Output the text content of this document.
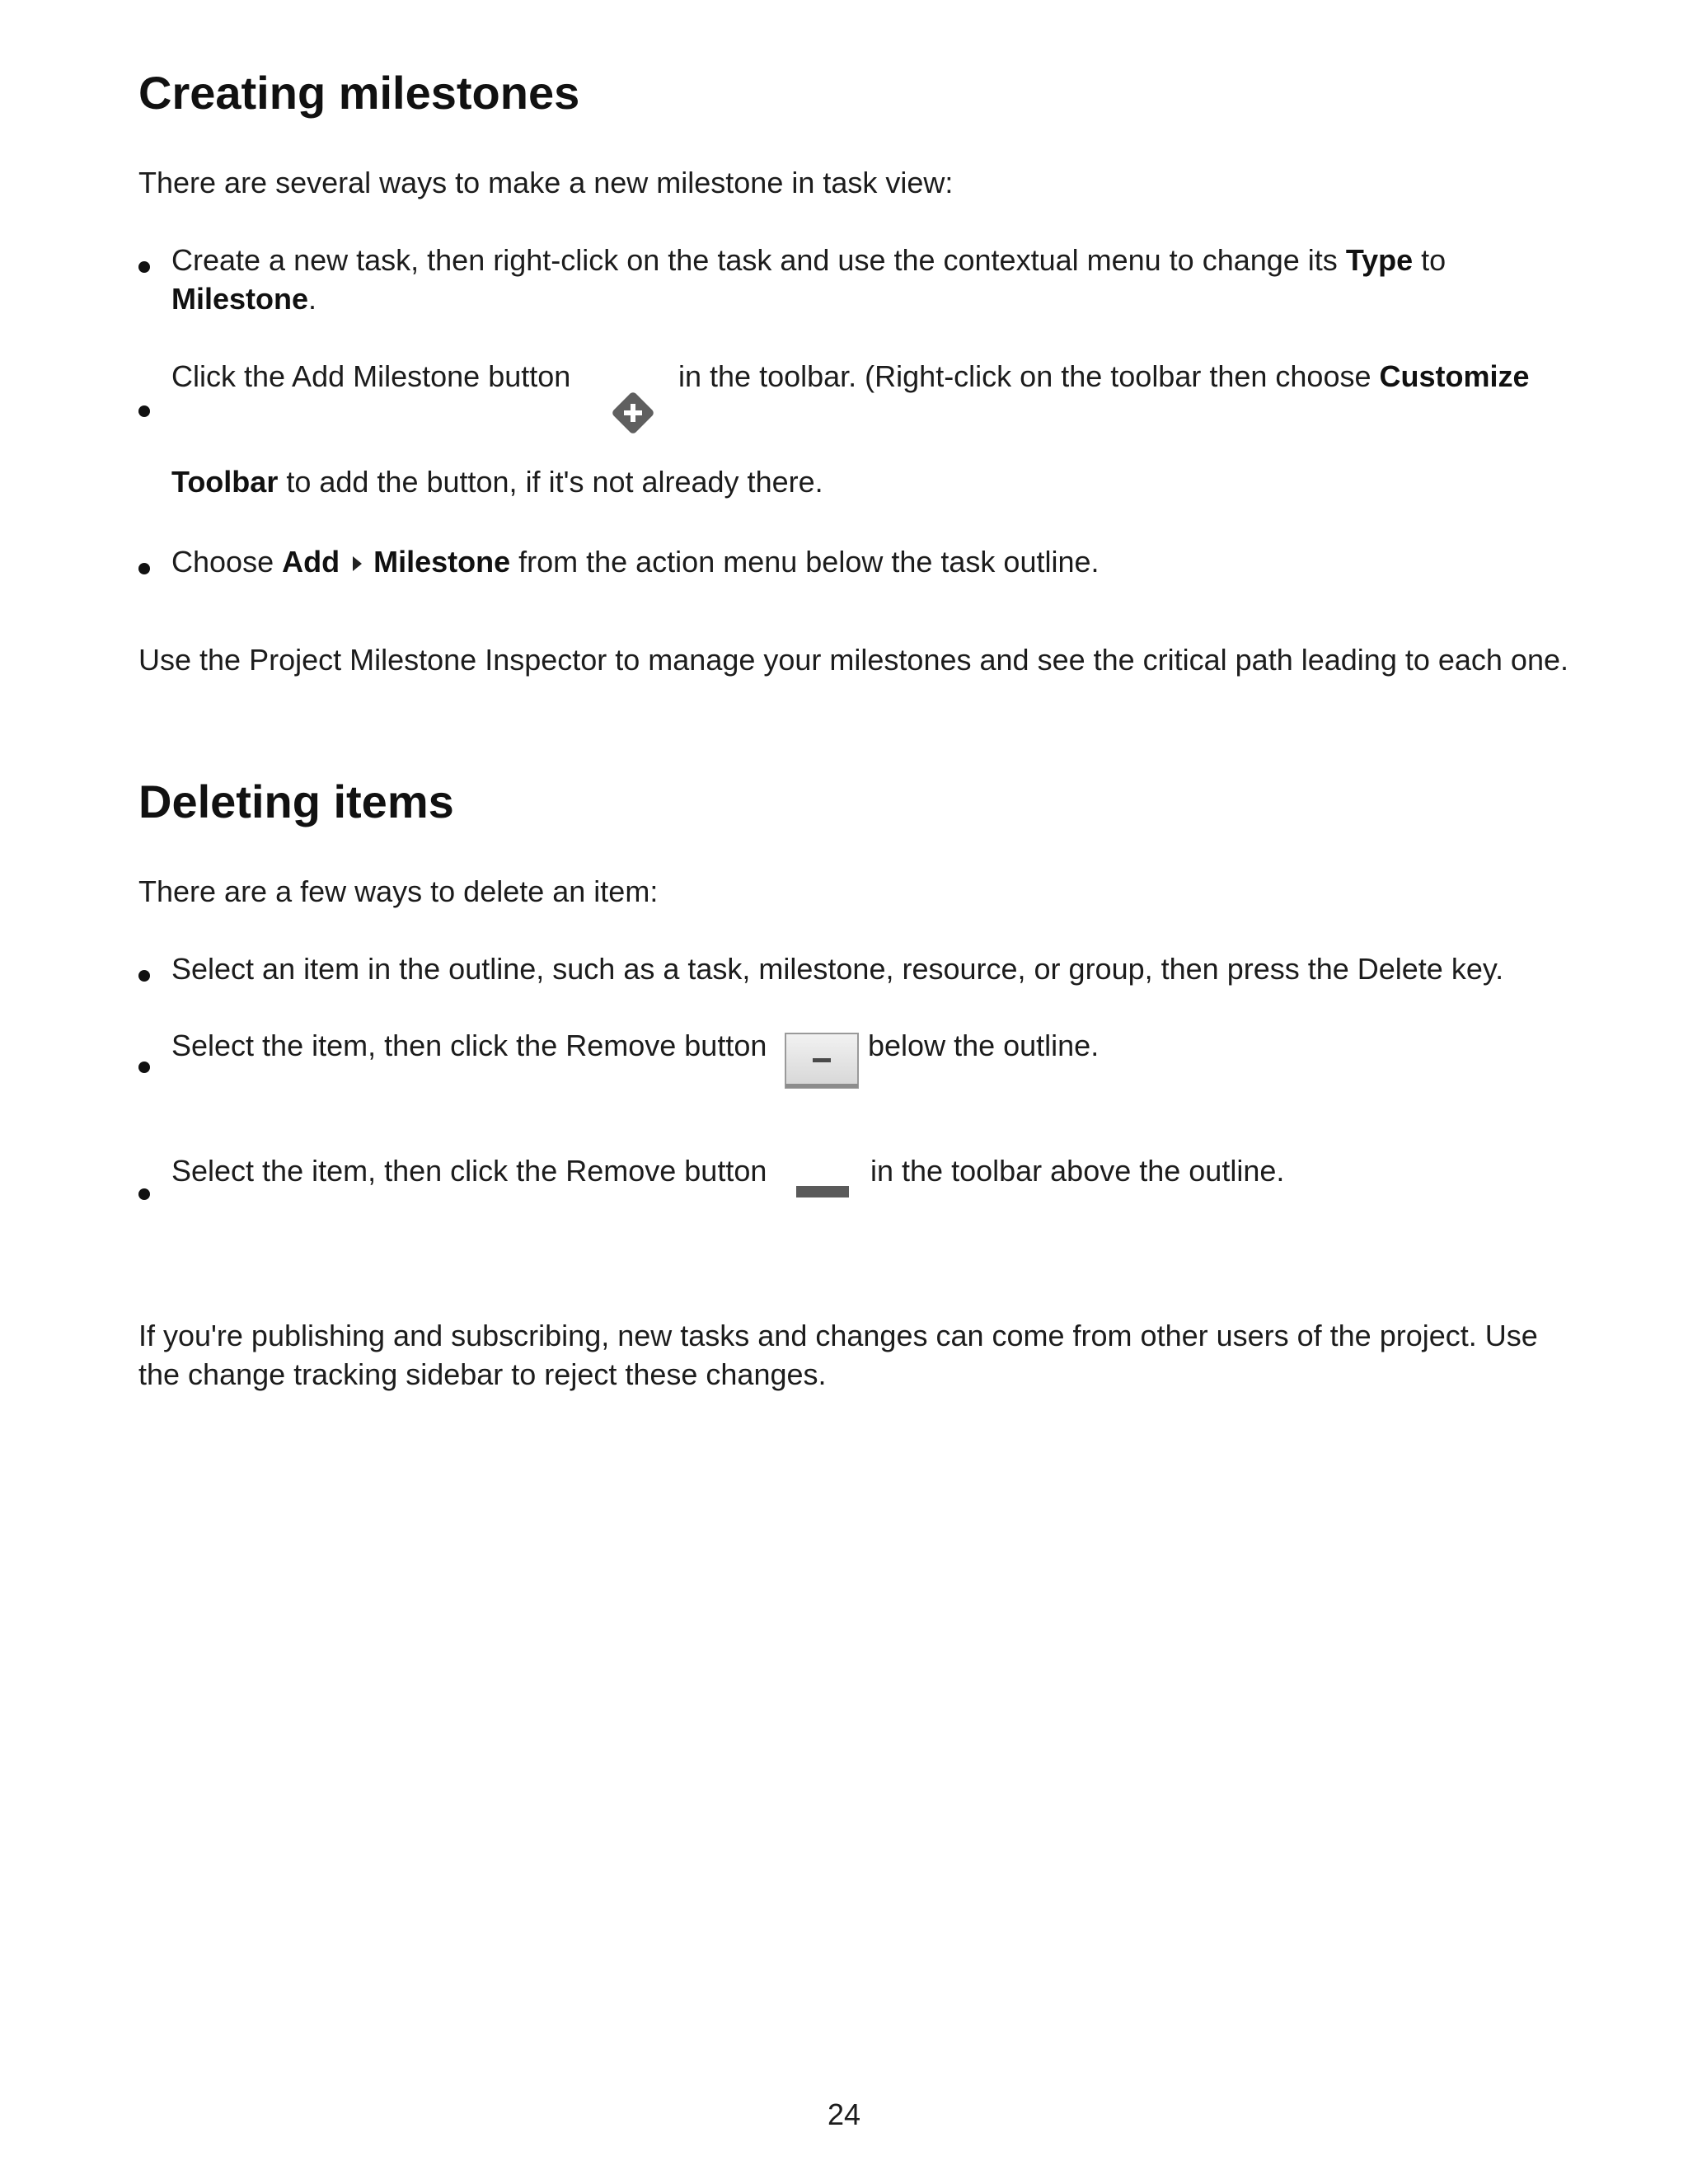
Creating milestones

There are several ways to make a new milestone in task view:

Create a new task, then right-click on the task and use the contextual menu to change its Type to
Milestone.
Click the Add Milestone button	in the toolbar. (Right-click on the toolbar then choose Customize
Toolbar to add the button, if it's not already there.
Choose Add Milestone from the action menu below the task outline.

Use the Project Milestone Inspector to manage your milestones and see the critical path leading to each one.

Deleting items

There are a few ways to delete an item:

Select an item in the outline, such as a task, milestone, resource, or group, then press the Delete key.
Select the item, then click the Remove button	below the outline.
Select the item, then click the Remove button	in the toolbar above the outline.

If you're publishing and subscribing, new tasks and changes can come from other users of the project. Use the change tracking sidebar to reject these changes.

24
